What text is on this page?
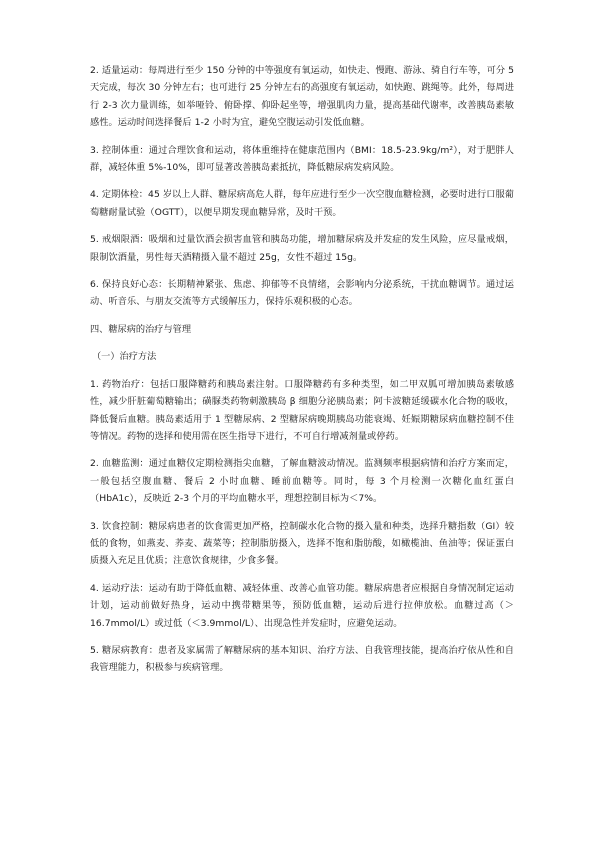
2. 适量运动：每周进行至少 150 分钟的中等强度有氧运动，如快走、慢跑、游泳、骑自行车等，可分 5 天完成，每次 30 分钟左右；也可进行 25 分钟左右的高强度有氧运动，如快跑、跳绳等。此外，每周进行 2-3 次力量训练，如举哑铃、俯卧撑、仰卧起坐等，增强肌肉力量，提高基础代谢率，改善胰岛素敏感性。运动时间选择餐后 1-2 小时为宜，避免空腹运动引发低血糖。

3. 控制体重：通过合理饮食和运动，将体重维持在健康范围内（BMI：18.5-23.9kg/m²），对于肥胖人群，减轻体重 5%-10%，即可显著改善胰岛素抵抗，降低糖尿病发病风险。

4. 定期体检：45 岁以上人群、糖尿病高危人群，每年应进行至少一次空腹血糖检测，必要时进行口服葡萄糖耐量试验（OGTT），以便早期发现血糖异常，及时干预。

5. 戒烟限酒：吸烟和过量饮酒会损害血管和胰岛功能，增加糖尿病及并发症的发生风险，应尽量戒烟，限制饮酒量，男性每天酒精摄入量不超过 25g，女性不超过 15g。

6. 保持良好心态：长期精神紧张、焦虑、抑郁等不良情绪，会影响内分泌系统，干扰血糖调节。通过运动、听音乐、与朋友交流等方式缓解压力，保持乐观积极的心态。

四、糖尿病的治疗与管理

（一）治疗方法

1. 药物治疗：包括口服降糖药和胰岛素注射。口服降糖药有多种类型，如二甲双胍可增加胰岛素敏感性，减少肝脏葡萄糖输出；磺脲类药物刺激胰岛 β 细胞分泌胰岛素；阿卡波糖延缓碳水化合物的吸收，降低餐后血糖。胰岛素适用于 1 型糖尿病、2 型糖尿病晚期胰岛功能衰竭、妊娠期糖尿病血糖控制不佳等情况。药物的选择和使用需在医生指导下进行，不可自行增减剂量或停药。

2. 血糖监测：通过血糖仪定期检测指尖血糖，了解血糖波动情况。监测频率根据病情和治疗方案而定，一般包括空腹血糖、餐后 2 小时血糖、睡前血糖等。同时，每 3 个月检测一次糖化血红蛋白（HbA1c），反映近 2-3 个月的平均血糖水平，理想控制目标为＜7%。

3. 饮食控制：糖尿病患者的饮食需更加严格，控制碳水化合物的摄入量和种类，选择升糖指数（GI）较低的食物，如燕麦、荞麦、蔬菜等；控制脂肪摄入，选择不饱和脂肪酸，如橄榄油、鱼油等；保证蛋白质摄入充足且优质；注意饮食规律，少食多餐。

4. 运动疗法：运动有助于降低血糖、减轻体重、改善心血管功能。糖尿病患者应根据自身情况制定运动计划，运动前做好热身，运动中携带糖果等，预防低血糖，运动后进行拉伸放松。血糖过高（＞16.7mmol/L）或过低（＜3.9mmol/L）、出现急性并发症时，应避免运动。

5. 糖尿病教育：患者及家属需了解糖尿病的基本知识、治疗方法、自我管理技能，提高治疗依从性和自我管理能力，积极参与疾病管理。
